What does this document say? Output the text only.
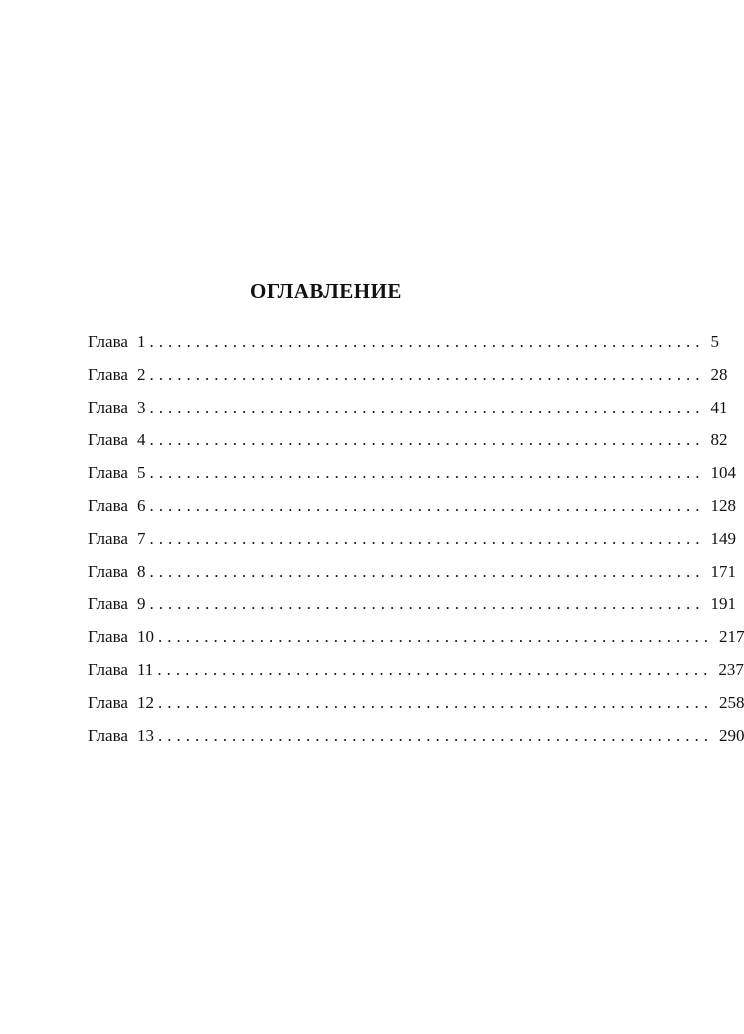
ОГЛАВЛЕНИЕ
Глава 1 ............................................................ 5
Глава 2 ............................................................ 28
Глава 3 ............................................................ 41
Глава 4 ............................................................ 82
Глава 5 ............................................................ 104
Глава 6 ............................................................ 128
Глава 7 ............................................................ 149
Глава 8 ............................................................ 171
Глава 9 ............................................................ 191
Глава 10 ............................................................ 217
Глава 11 ............................................................ 237
Глава 12 ............................................................ 258
Глава 13 ............................................................ 290
